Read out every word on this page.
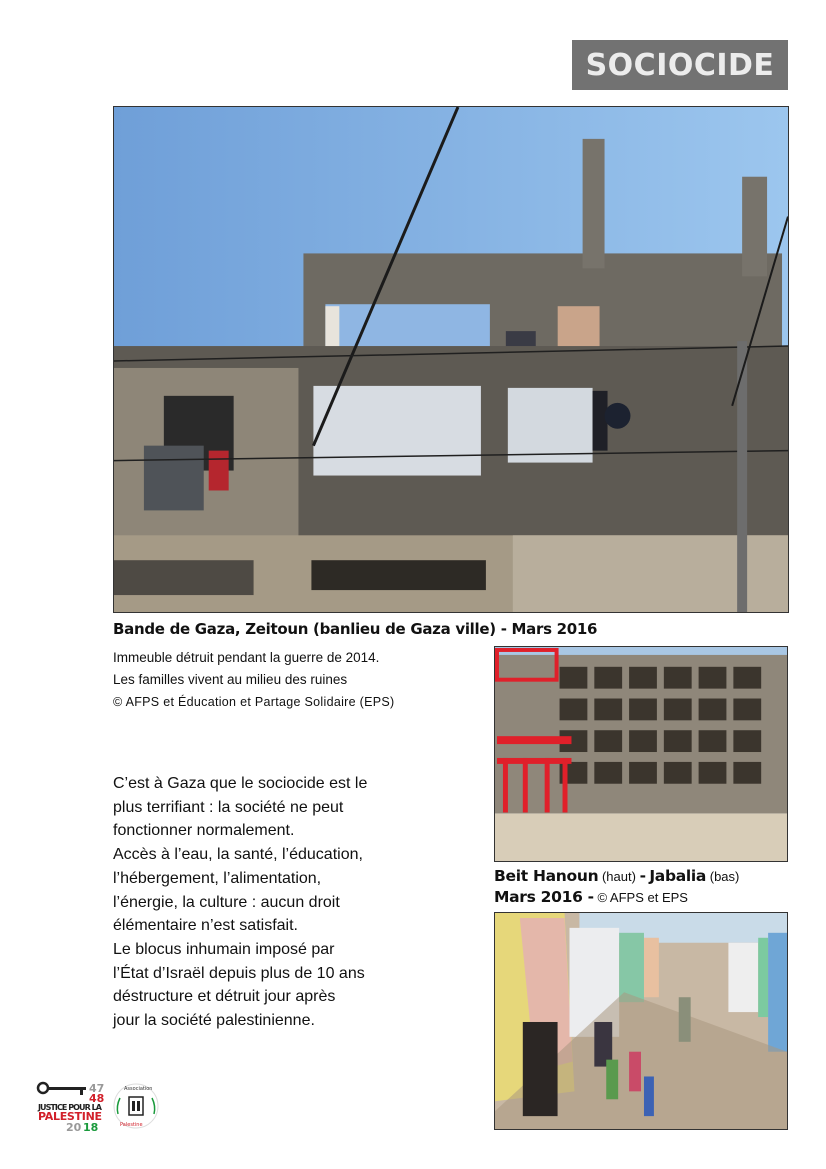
SOCIOCIDE
Bande de Gaza, Zeitoun (banlieu de Gaza ville) - Mars 2016
Immeuble détruit pendant la guerre de 2014.
Les familles vivent au milieu des ruines
© AFPS et Éducation et Partage Solidaire (EPS)
C’est à Gaza que le sociocide est le
plus terrifiant : la société ne peut
fonctionner normalement.
Accès à l’eau, la santé, l’éducation,
l’hébergement, l’alimentation,
l’énergie, la culture : aucun droit
élémentaire n’est satisfait.
Le blocus inhumain imposé par
l’État d’Israël depuis plus de 10 ans
déstructure et détruit jour après
jour la société palestinienne.
Beit Hanoun (haut) - Jabalia (bas)
Mars 2016 - © AFPS et EPS
47
48
JUSTICE POUR LA
PALESTINE
20 18
Association
Palestine
